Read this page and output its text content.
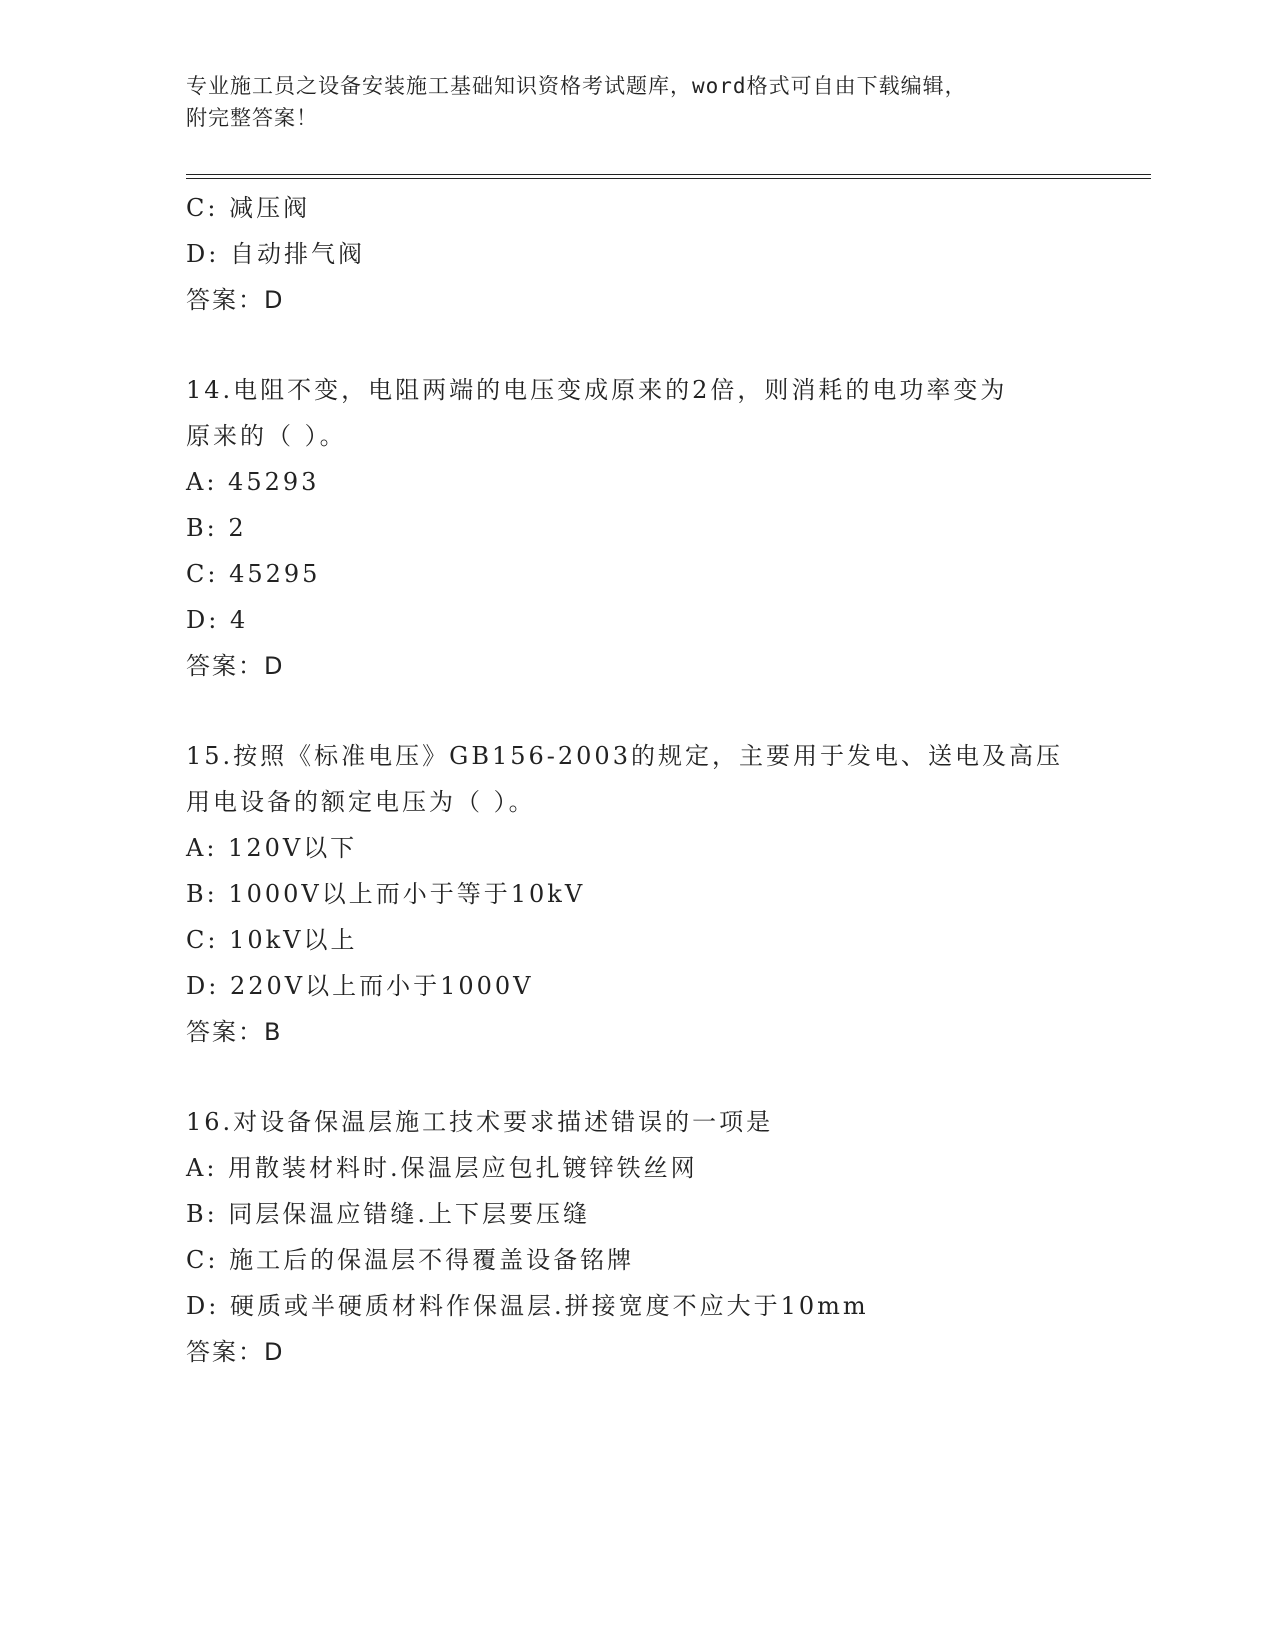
专业施工员之设备安装施工基础知识资格考试题库，word格式可自由下载编辑，

附完整答案！

C: 减压阀

D: 自动排气阀

答案：D

14.电阻不变，电阻两端的电压变成原来的2倍，则消耗的电功率变为

原来的（ ）。

A: 45293

B: 2

C: 45295

D: 4

答案：D

15.按照《标准电压》GB156-2003的规定，主要用于发电、送电及高压

用电设备的额定电压为（ ）。

A: 120V以下

B: 1000V以上而小于等于10kV

C: 10kV以上

D: 220V以上而小于1000V

答案：B

16.对设备保温层施工技术要求描述错误的一项是

A: 用散装材料时.保温层应包扎镀锌铁丝网

B: 同层保温应错缝.上下层要压缝

C: 施工后的保温层不得覆盖设备铭牌

D: 硬质或半硬质材料作保温层.拼接宽度不应大于10mm

答案：D
